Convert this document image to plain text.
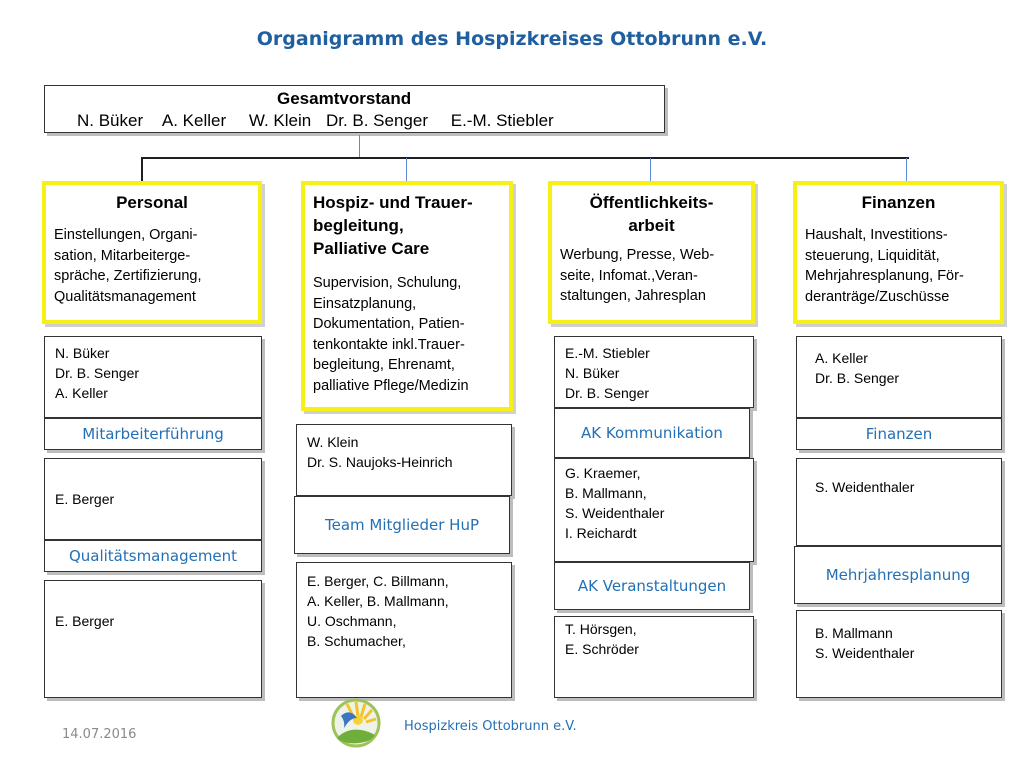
Organigramm des Hospizkreises Ottobrunn e.V.
Gesamtvorstand
N. Büker A. Keller W. Klein Dr. B. Senger E.-M. Stiebler
Personal
Einstellungen, Organi-
sation, Mitarbeiterge-
spräche, Zertifizierung,
Qualitätsmanagement
N. Büker
Dr. B. Senger
A. Keller
Mitarbeiterführung
E. Berger
Qualitätsmanagement
E. Berger
Hospiz- und Trauer-
begleitung,
Palliative Care
Supervision, Schulung,
Einsatzplanung,
Dokumentation, Patien-
tenkontakte inkl.Trauer-
begleitung, Ehrenamt,
palliative Pflege/Medizin
W. Klein
Dr. S. Naujoks-Heinrich
Team Mitglieder HuP
E. Berger, C. Billmann,
A. Keller, B. Mallmann,
U. Oschmann,
B. Schumacher,
Öffentlichkeits-
arbeit
Werbung, Presse, Web-
seite, Infomat.,Veran-
staltungen, Jahresplan
E.-M. Stiebler
N. Büker
Dr. B. Senger
AK Kommunikation
G. Kraemer,
B. Mallmann,
S. Weidenthaler
I. Reichardt
AK Veranstaltungen
T. Hörsgen,
E. Schröder
Finanzen
Haushalt, Investitions-
steuerung, Liquidität,
Mehrjahresplanung, För-
deranträge/Zuschüsse
A. Keller
Dr. B. Senger
Finanzen
S. Weidenthaler
Mehrjahresplanung
B. Mallmann
S. Weidenthaler
14.07.2016
Hospizkreis Ottobrunn e.V.
